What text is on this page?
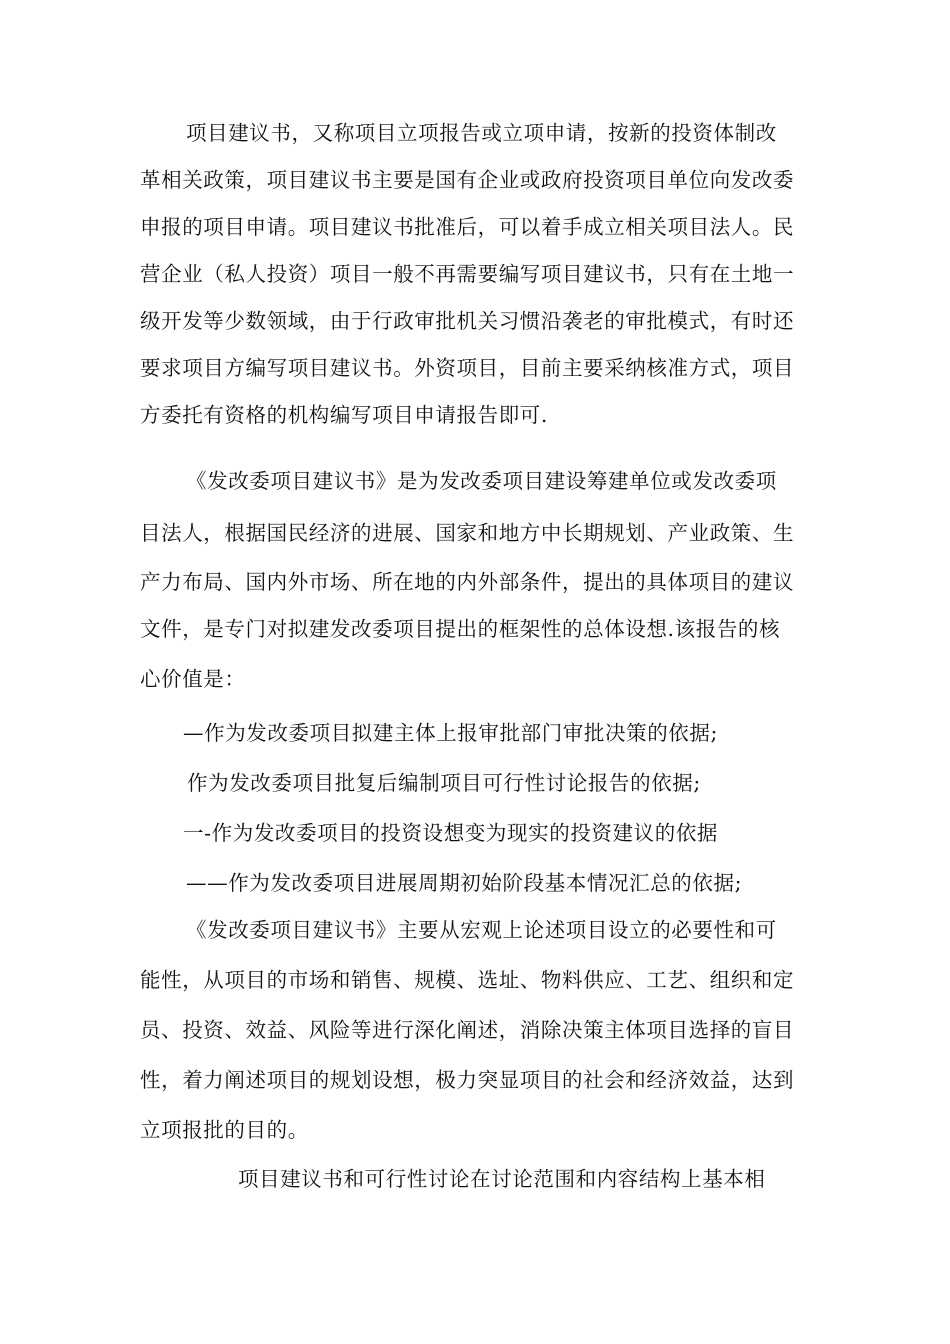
项目建议书，又称项目立项报告或立项申请，按新的投资体制改
革相关政策，项目建议书主要是国有企业或政府投资项目单位向发改委
申报的项目申请。项目建议书批准后，可以着手成立相关项目法人。民
营企业（私人投资）项目一般不再需要编写项目建议书，只有在土地一
级开发等少数领域，由于行政审批机关习惯沿袭老的审批模式，有时还
要求项目方编写项目建议书。外资项目，目前主要采纳核准方式，项目
方委托有资格的机构编写项目申请报告即可.
《发改委项目建议书》是为发改委项目建设筹建单位或发改委项
目法人，根据国民经济的进展、国家和地方中长期规划、产业政策、生
产力布局、国内外市场、所在地的内外部条件，提出的具体项目的建议
文件，是专门对拟建发改委项目提出的框架性的总体设想.该报告的核
心价值是：
—作为发改委项目拟建主体上报审批部门审批决策的依据;
作为发改委项目批复后编制项目可行性讨论报告的依据;
一-作为发改委项目的投资设想变为现实的投资建议的依据
——作为发改委项目进展周期初始阶段基本情况汇总的依据;
《发改委项目建议书》主要从宏观上论述项目设立的必要性和可
能性，从项目的市场和销售、规模、选址、物料供应、工艺、组织和定
员、投资、效益、风险等进行深化阐述，消除决策主体项目选择的盲目
性，着力阐述项目的规划设想，极力突显项目的社会和经济效益，达到
立项报批的目的。
项目建议书和可行性讨论在讨论范围和内容结构上基本相
